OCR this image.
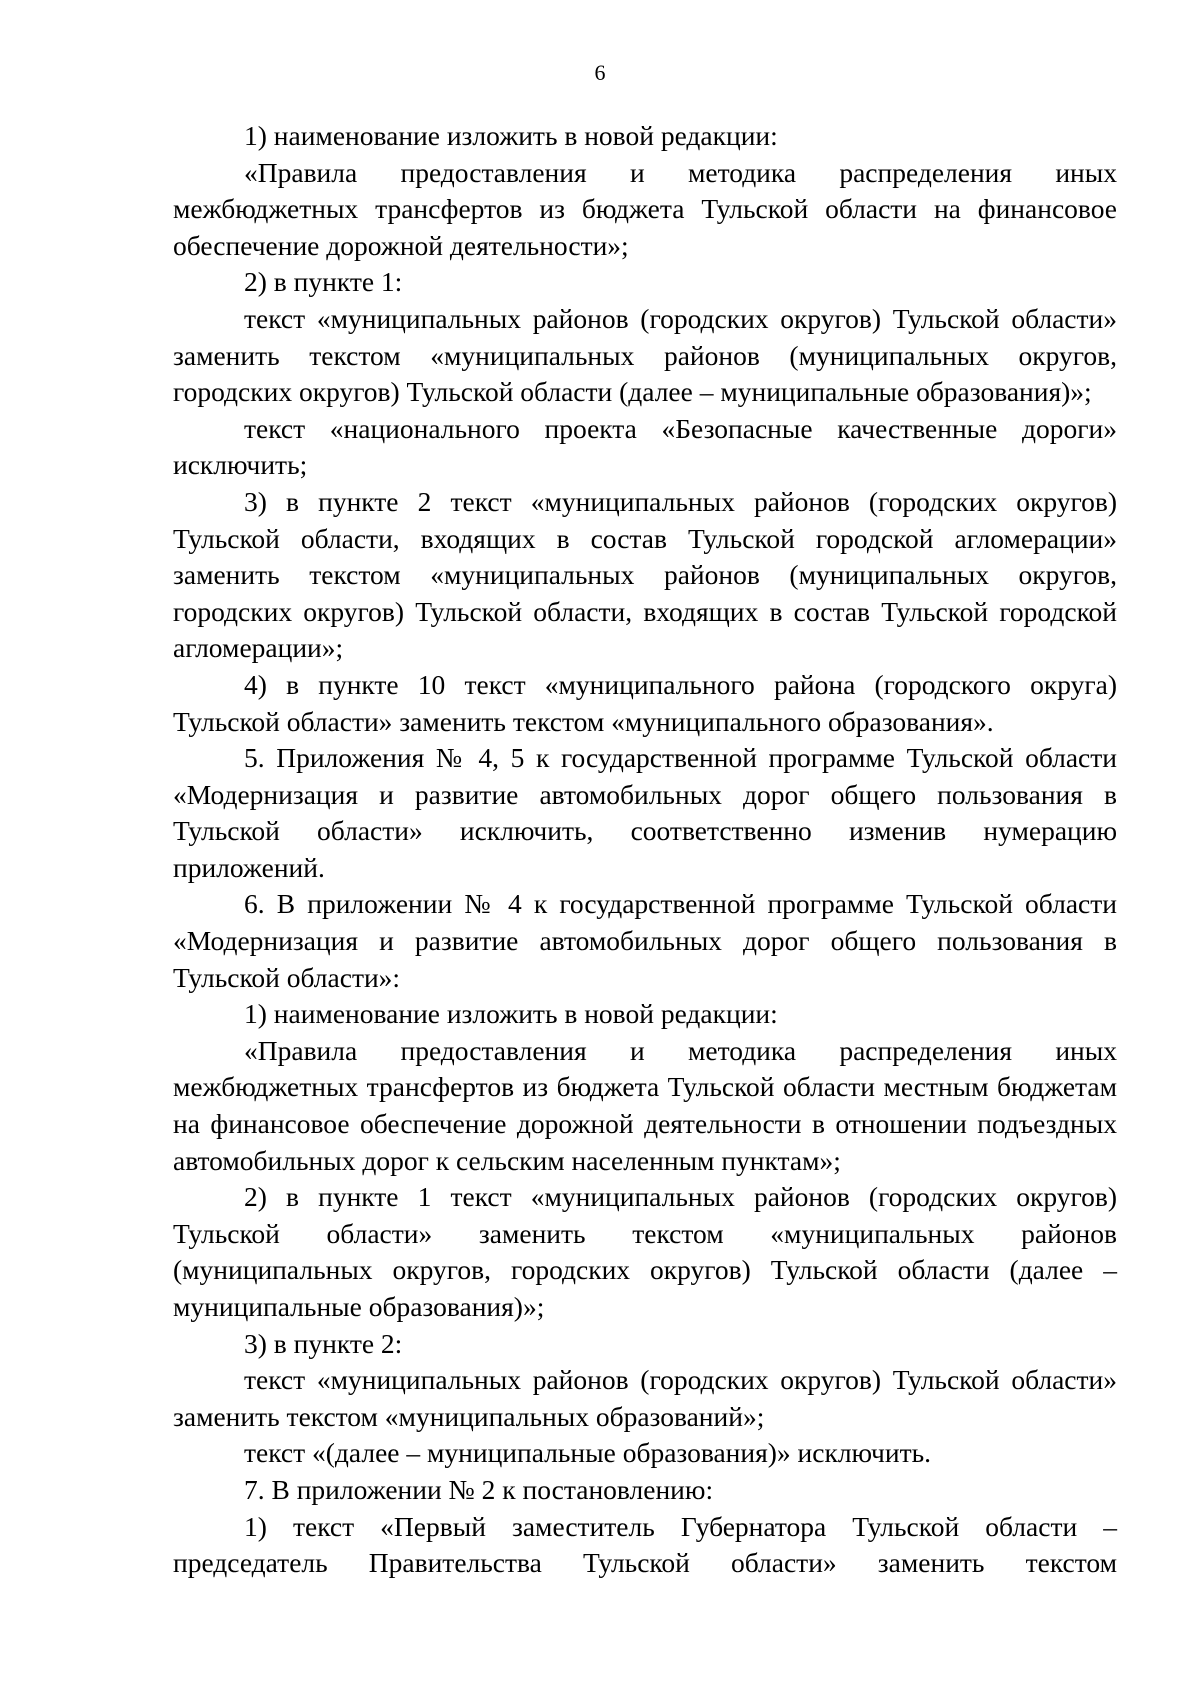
6

1) наименование изложить в новой редакции:

«Правила предоставления и методика распределения иных межбюджетных трансфертов из бюджета Тульской области на финансовое обеспечение дорожной деятельности»;

2) в пункте 1:

текст «муниципальных районов (городских округов) Тульской области» заменить текстом «муниципальных районов (муниципальных округов, городских округов) Тульской области (далее – муниципальные образования)»;

текст «национального проекта «Безопасные качественные дороги» исключить;

3) в пункте 2 текст «муниципальных районов (городских округов) Тульской области, входящих в состав Тульской городской агломерации» заменить текстом «муниципальных районов (муниципальных округов, городских округов) Тульской области, входящих в состав Тульской городской агломерации»;

4) в пункте 10 текст «муниципального района (городского округа) Тульской области» заменить текстом «муниципального образования».

5. Приложения № 4, 5 к государственной программе Тульской области «Модернизация и развитие автомобильных дорог общего пользования в Тульской области» исключить, соответственно изменив нумерацию приложений.

6. В приложении № 4 к государственной программе Тульской области «Модернизация и развитие автомобильных дорог общего пользования в Тульской области»:

1) наименование изложить в новой редакции:

«Правила предоставления и методика распределения иных межбюджетных трансфертов из бюджета Тульской области местным бюджетам на финансовое обеспечение дорожной деятельности в отношении подъездных автомобильных дорог к сельским населенным пунктам»;

2) в пункте 1 текст «муниципальных районов (городских округов) Тульской области» заменить текстом «муниципальных районов (муниципальных округов, городских округов) Тульской области (далее – муниципальные образования)»;

3) в пункте 2:

текст «муниципальных районов (городских округов) Тульской области» заменить текстом «муниципальных образований»;

текст «(далее – муниципальные образования)» исключить.

7. В приложении № 2 к постановлению:

1) текст «Первый заместитель Губернатора Тульской области – председатель Правительства Тульской области» заменить текстом
